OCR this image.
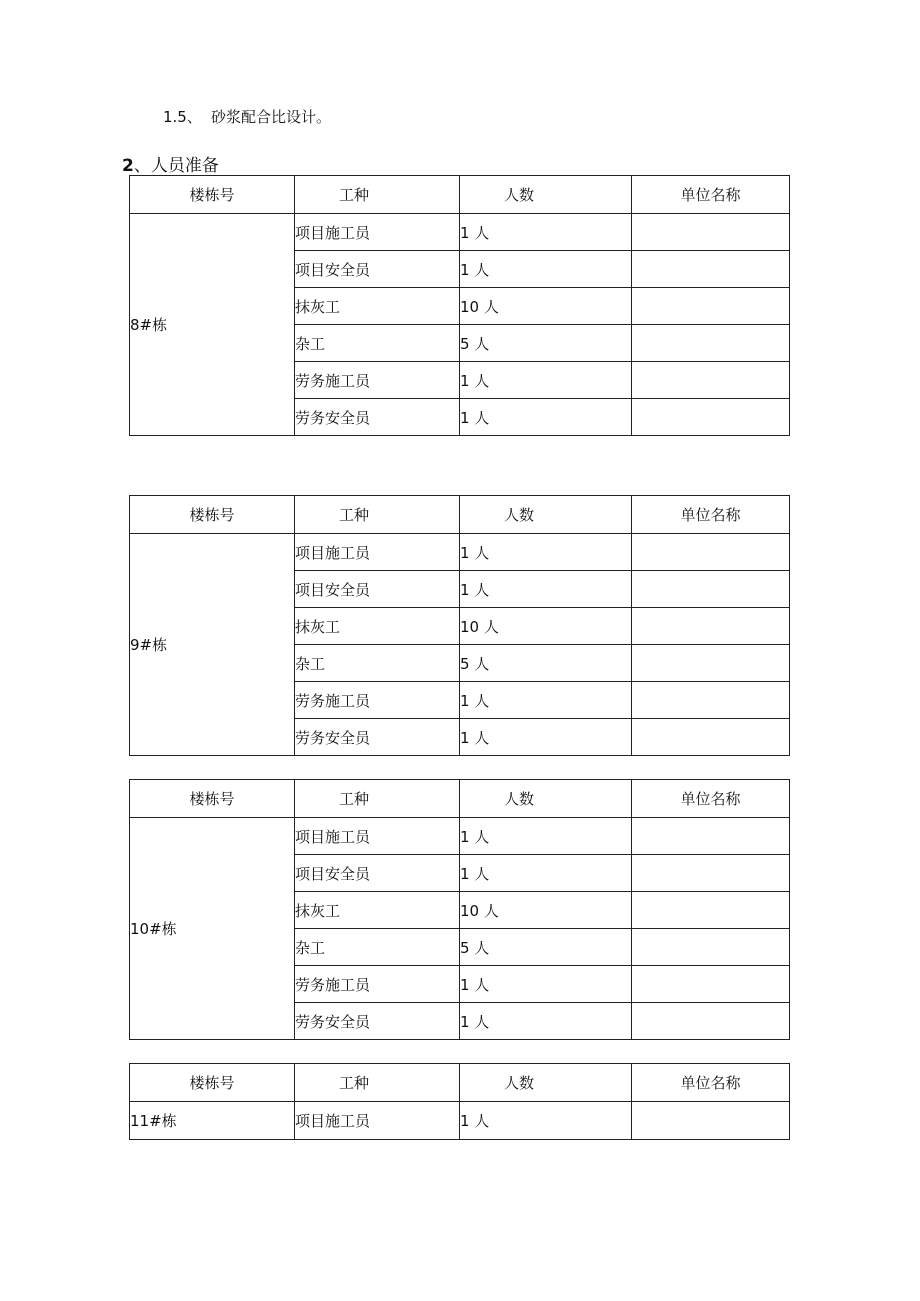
1.5、 砂浆配合比设计。
2、人员准备
楼栋号	工种	人数	单位名称
8#栋	项目施工员	1 人	
	项目安全员	1 人	
	抹灰工	10 人	
	杂工	5 人	
	劳务施工员	1 人	
	劳务安全员	1 人	
楼栋号	工种	人数	单位名称
9#栋	项目施工员	1 人	
	项目安全员	1 人	
	抹灰工	10 人	
	杂工	5 人	
	劳务施工员	1 人	
	劳务安全员	1 人	
楼栋号	工种	人数	单位名称
10#栋	项目施工员	1 人	
	项目安全员	1 人	
	抹灰工	10 人	
	杂工	5 人	
	劳务施工员	1 人	
	劳务安全员	1 人	
楼栋号	工种	人数	单位名称
11#栋	项目施工员	1 人	
